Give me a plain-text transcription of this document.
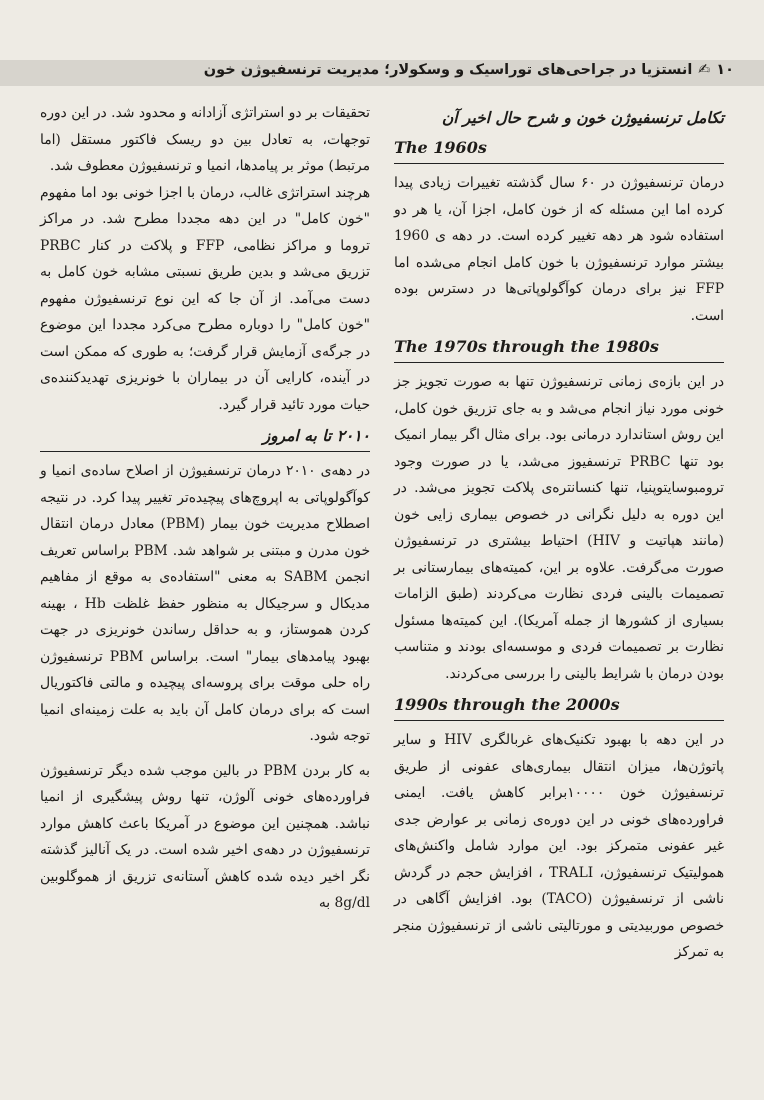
۱۰✍انستزیا در جراحی‌های توراسیک و وسکولار؛ مدیریت ترنسفیوژن خون
تکامل ترنسفیوژن خون و شرح حال اخیر آن
The 1960s

درمان ترنسفیوژن در ۶۰ سال گذشته تغییرات زیادی پیدا کرده اما این مسئله که از خون کامل، اجزا آن، یا هر دو استفاده شود هر دهه تغییر کرده است. در دهه ی 1960 بیشتر موارد ترنسفیوژن با خون کامل انجام می‌شده اما FFP نیز برای درمان کوآگولوپاتی‌ها در دسترس بوده است.

The 1970s through the 1980s

در این بازه‌ی زمانی ترنسفیوژن تنها به صورت تجویز جز خونی مورد نیاز انجام می‌شد و به جای تزریق خون کامل، این روش استاندارد درمانی بود. برای مثال اگر بیمار انمیک بود تنها PRBC ترنسفیوز می‌شد، یا در صورت وجود ترومبوسایتوپنیا، تنها کنسانتره‌ی پلاکت تجویز می‌شد. در این دوره به دلیل نگرانی در خصوص بیماری زایی خون (مانند هپاتیت و HIV) احتیاط بیشتری در ترنسفیوژن صورت می‌گرفت. علاوه بر این، کمیته‌های بیمارستانی بر تصمیمات بالینی فردی نظارت می‌کردند (طبق الزامات بسیاری از کشورها از جمله آمریکا). این کمیته‌ها مسئول نظارت بر تصمیمات فردی و موسسه‌ای بودند و متناسب بودن درمان با شرایط بالینی را بررسی می‌کردند.

1990s through the 2000s

در این دهه با بهبود تکنیک‌های غربالگری HIV و سایر پاتوژن‌ها، میزان انتقال بیماری‌های عفونی از طریق ترنسفیوژن خون ۱۰۰۰۰برابر کاهش یافت. ایمنی فراورده‌های خونی در این دوره‌ی زمانی بر عوارض جدی غیر عفونی متمرکز بود. این موارد شامل واکنش‌های همولیتیک ترنسفیوژن، TRALI ، افزایش حجم در گردش ناشی از ترنسفیوژن (TACO) بود. افزایش آگاهی در خصوص موربیدیتی و مورتالیتی ناشی از ترنسفیوژن منجر به تمرکز

تحقیقات بر دو استراتژی آزادانه و محدود شد. در این دوره توجهات، به تعادل بین دو ریسک فاکتور مستقل (اما مرتبط) موثر بر پیامدها، انمیا و ترنسفیوژن معطوف شد.

هرچند استراتژی غالب، درمان با اجزا خونی بود اما مفهوم "خون کامل" در این دهه مجددا مطرح شد. در مراکز تروما و مراکز نظامی، FFP و پلاکت در کنار PRBC تزریق می‌شد و بدین طریق نسبتی مشابه خون کامل به دست می‌آمد. از آن جا که این نوع ترنسفیوژن مفهوم "خون کامل" را دوباره مطرح می‌کرد مجددا این موضوع در جرگه‌ی آزمایش قرار گرفت؛ به طوری که ممکن است در آینده، کارایی آن در بیماران با خونریزی تهدیدکننده‌ی حیات مورد تائید قرار گیرد.

۲۰۱۰ تا به امروز

در دهه‌ی ۲۰۱۰ درمان ترنسفیوژن از اصلاح ساده‌ی انمیا و کوآگولوپاتی به اپروچ‌های پیچیده‌تر تغییر پیدا کرد. در نتیجه اصطلاح مدیریت خون بیمار (PBM) معادل درمان انتقال خون مدرن و مبتنی بر شواهد شد. PBM براساس تعریف انجمن SABM به معنی "استفاده‌ی به موقع از مفاهیم مدیکال و سرجیکال به منظور حفظ غلظت Hb ، بهینه کردن هموستاز، و به حداقل رساندن خونریزی در جهت بهبود پیامدهای بیمار" است. براساس PBM ترنسفیوژن راه حلی موقت برای پروسه‌ای پیچیده و مالتی فاکتوریال است که برای درمان کامل آن باید به علت زمینه‌ای انمیا توجه شود.

به کار بردن PBM در بالین موجب شده دیگر ترنسفیوژن فراورده‌های خونی آلوژن، تنها روش پیشگیری از انمیا نباشد. همچنین این موضوع در آمریکا باعث کاهش موارد ترنسفیوژن در دهه‌ی اخیر شده است. در یک آنالیز گذشته نگر اخیر دیده شده کاهش آستانه‌ی تزریق از هموگلوبین 8g/dl به
